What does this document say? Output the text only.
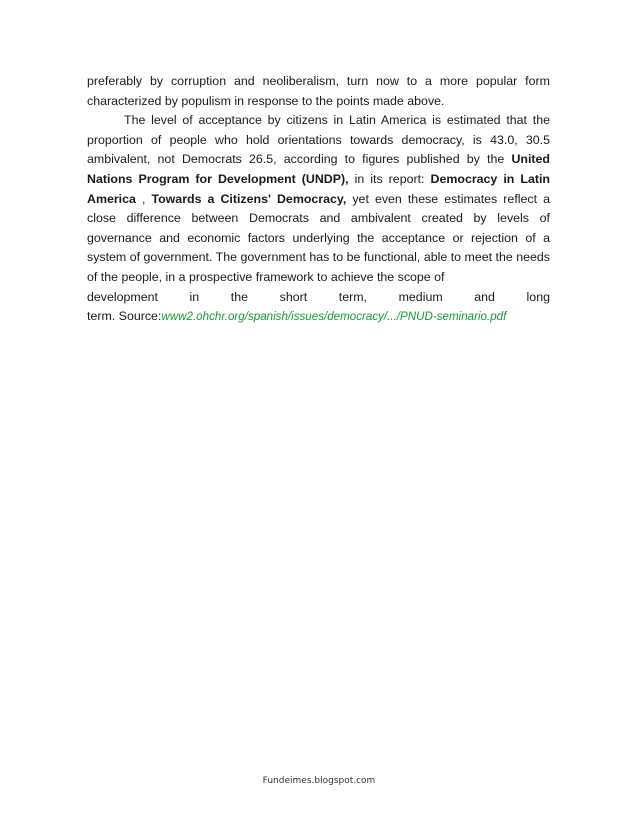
preferably by corruption and neoliberalism, turn now to a more popular form
characterized by populism in response to the points made above.

The level of acceptance by citizens in Latin America is estimated that the proportion of people who hold orientations towards democracy, is 43.0, 30.5 ambivalent, not Democrats 26.5, according to figures published by the United Nations Program for Development (UNDP), in its report: Democracy in Latin America , Towards a Citizens' Democracy, yet even these estimates reflect a close difference between Democrats and ambivalent created by levels of governance and economic factors underlying the acceptance or rejection of a system of government. The government has to be functional, able to meet the needs of the people, in a prospective framework to achieve the scope of

development	in	the	short	term,	medium	and	long
term. Source:www2.ohchr.org/spanish/issues/democracy/.../PNUD-seminario.pdf
Fundeimes.blogspot.com
